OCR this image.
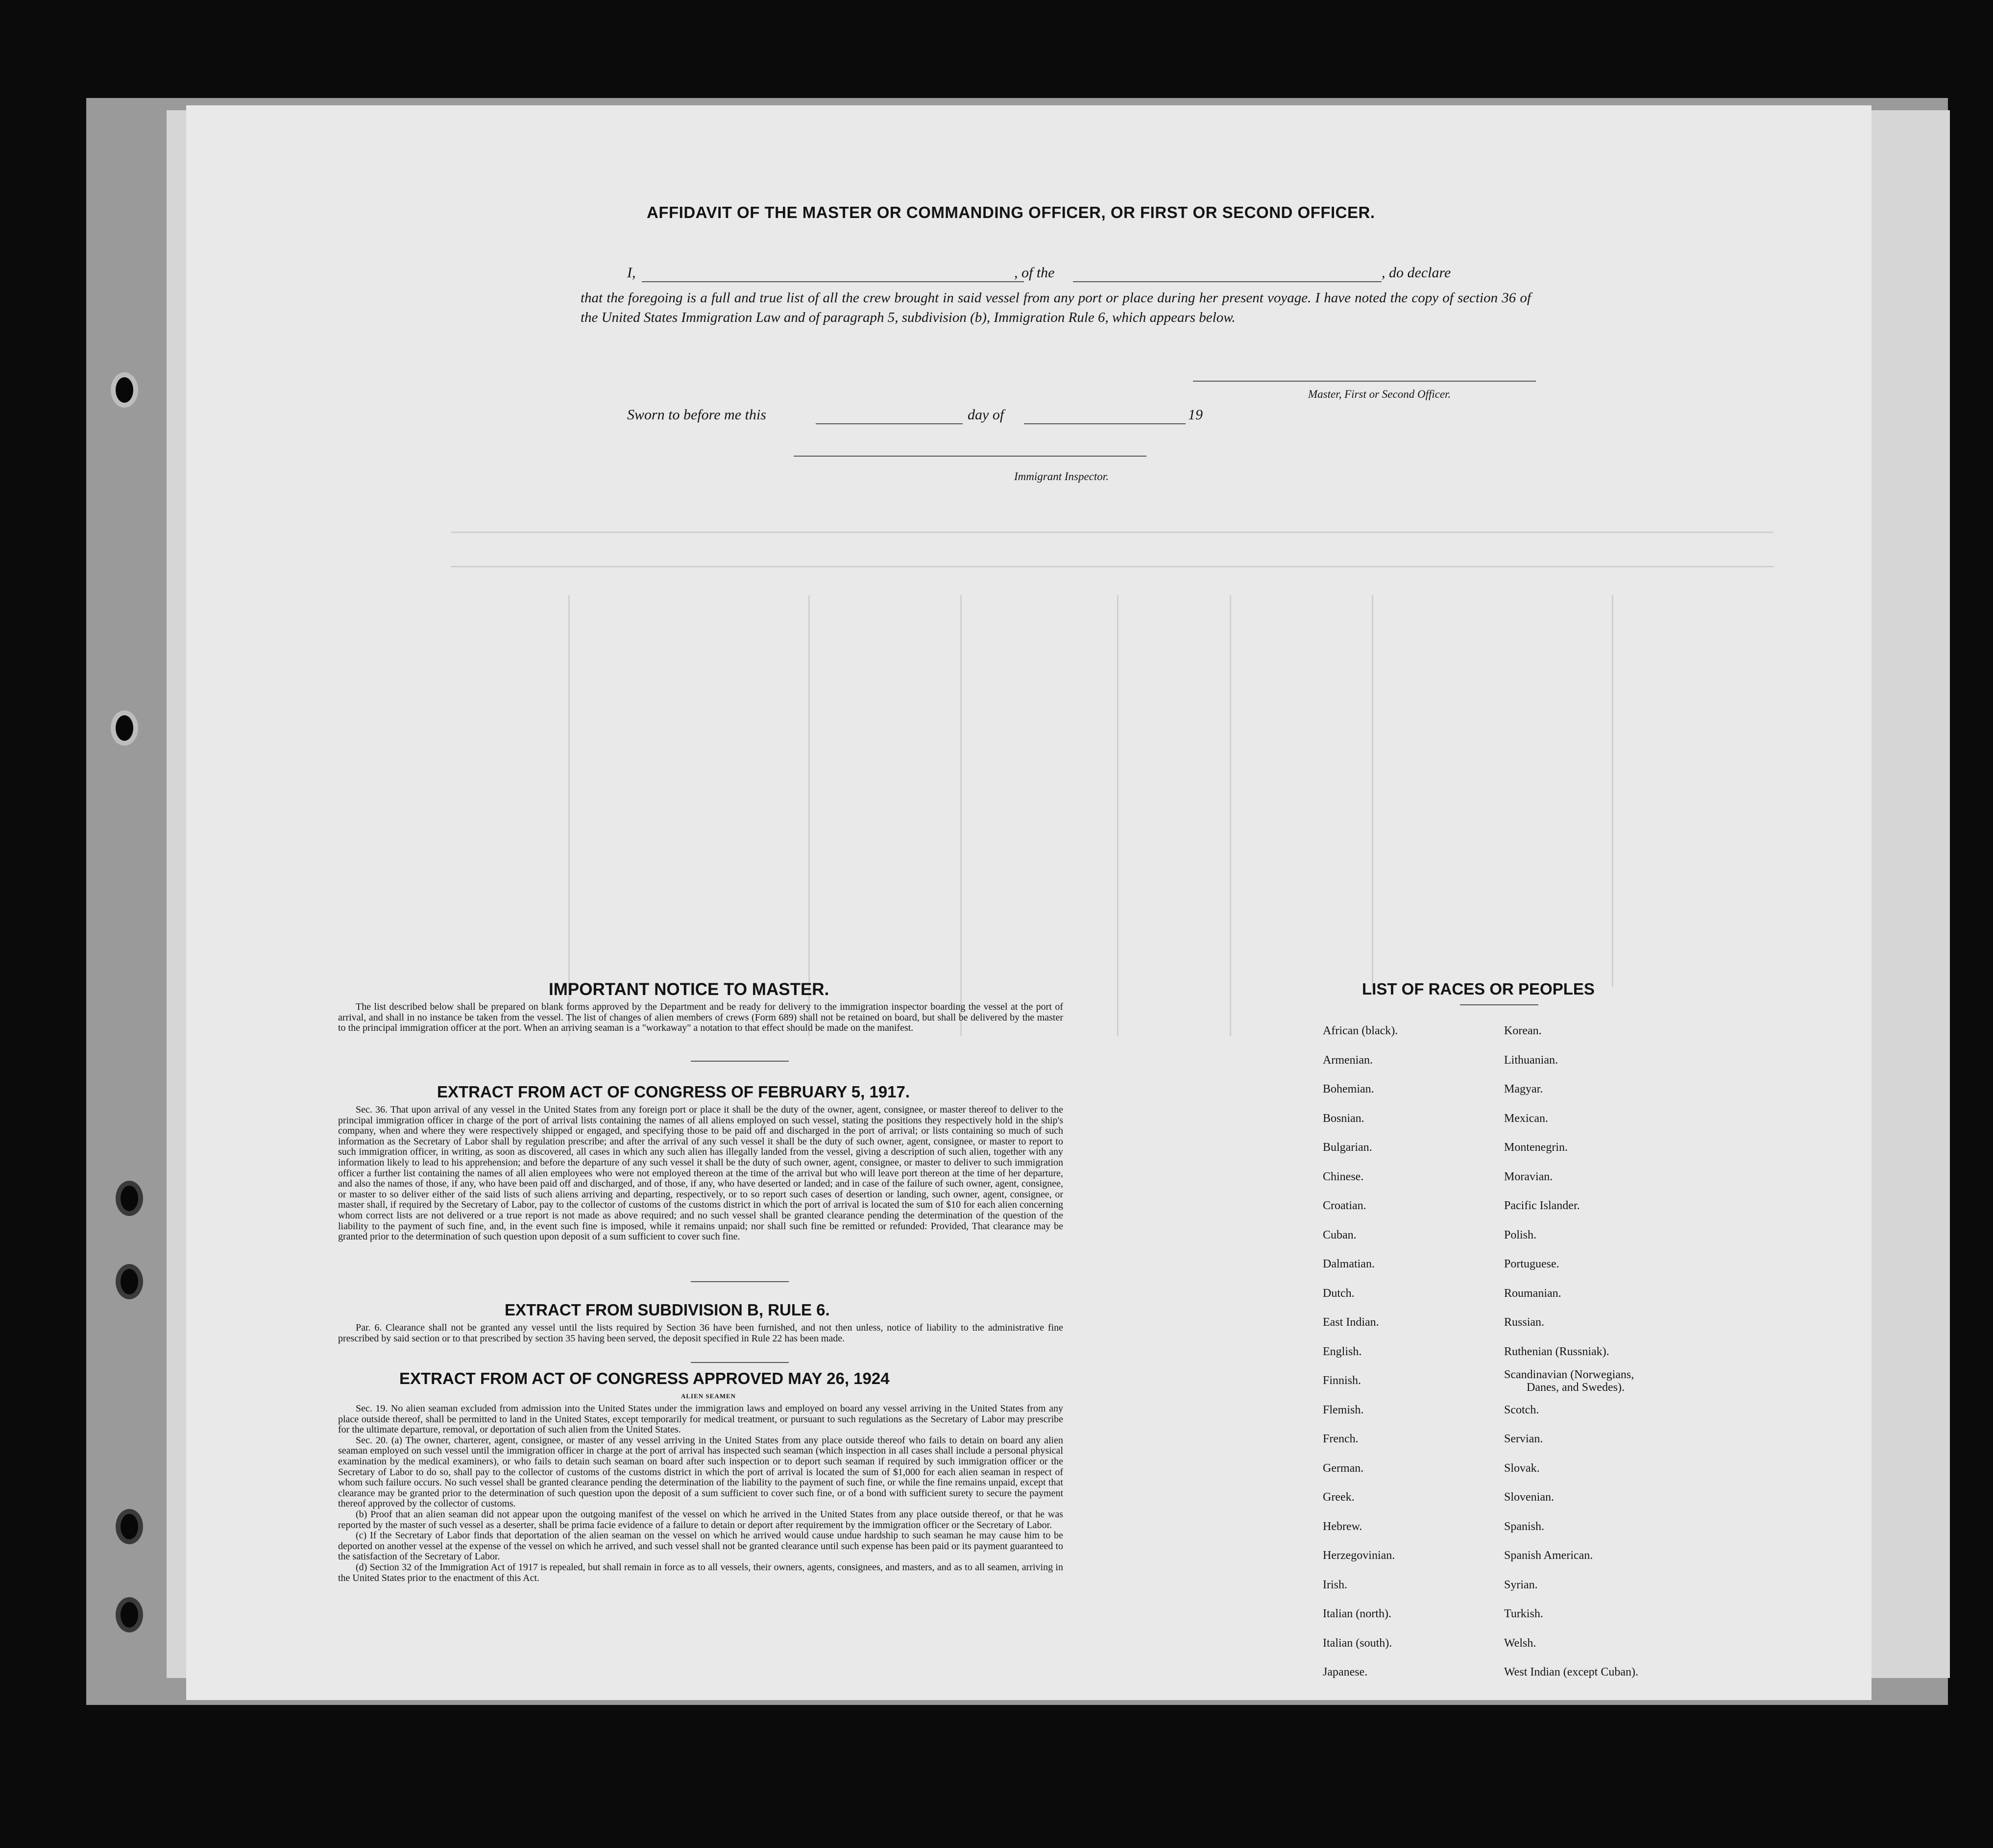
AFFIDAVIT OF THE MASTER OR COMMANDING OFFICER, OR FIRST OR SECOND OFFICER.
I,	, of the	, do declare
that the foregoing is a full and true list of all the crew brought in said vessel from any port or place during her present voyage. I have noted the copy of section 36 of the United States Immigration Law and of paragraph 5, subdivision (b), Immigration Rule 6, which appears below.
Master, First or Second Officer.
Sworn to before me this	day of	19
Immigrant Inspector.
IMPORTANT NOTICE TO MASTER.
The list described below shall be prepared on blank forms approved by the Department and be ready for delivery to the immigration inspector boarding the vessel at the port of arrival, and shall in no instance be taken from the vessel. The list of changes of alien members of crews (Form 689) shall not be retained on board, but shall be delivered by the master to the principal immigration officer at the port. When an arriving seaman is a "workaway" a notation to that effect should be made on the manifest.
EXTRACT FROM ACT OF CONGRESS OF FEBRUARY 5, 1917.
Sec. 36. That upon arrival of any vessel in the United States from any foreign port or place it shall be the duty of the owner, agent, consignee, or master thereof to deliver to the principal immigration officer in charge of the port of arrival lists containing the names of all aliens employed on such vessel, stating the positions they respectively hold in the ship's company, when and where they were respectively shipped or engaged, and specifying those to be paid off and discharged in the port of arrival; or lists containing so much of such information as the Secretary of Labor shall by regulation prescribe; and after the arrival of any such vessel it shall be the duty of such owner, agent, consignee, or master to report to such immigration officer, in writing, as soon as discovered, all cases in which any such alien has illegally landed from the vessel, giving a description of such alien, together with any information likely to lead to his apprehension; and before the departure of any such vessel it shall be the duty of such owner, agent, consignee, or master to deliver to such immigration officer a further list containing the names of all alien employees who were not employed thereon at the time of the arrival but who will leave port thereon at the time of her departure, and also the names of those, if any, who have been paid off and discharged, and of those, if any, who have deserted or landed; and in case of the failure of such owner, agent, consignee, or master to so deliver either of the said lists of such aliens arriving and departing, respectively, or to so report such cases of desertion or landing, such owner, agent, consignee, or master shall, if required by the Secretary of Labor, pay to the collector of customs of the customs district in which the port of arrival is located the sum of $10 for each alien concerning whom correct lists are not delivered or a true report is not made as above required; and no such vessel shall be granted clearance pending the determination of the question of the liability to the payment of such fine, and, in the event such fine is imposed, while it remains unpaid; nor shall such fine be remitted or refunded: Provided, That clearance may be granted prior to the determination of such question upon deposit of a sum sufficient to cover such fine.
EXTRACT FROM SUBDIVISION B, RULE 6.
Par. 6. Clearance shall not be granted any vessel until the lists required by Section 36 have been furnished, and not then unless, notice of liability to the administrative fine prescribed by said section or to that prescribed by section 35 having been served, the deposit specified in Rule 22 has been made.
EXTRACT FROM ACT OF CONGRESS APPROVED MAY 26, 1924
ALIEN SEAMEN

Sec. 19. No alien seaman excluded from admission into the United States under the immigration laws and employed on board any vessel arriving in the United States from any place outside thereof, shall be permitted to land in the United States, except temporarily for medical treatment, or pursuant to such regulations as the Secretary of Labor may prescribe for the ultimate departure, removal, or deportation of such alien from the United States.

Sec. 20. (a) The owner, charterer, agent, consignee, or master of any vessel arriving in the United States from any place outside thereof who fails to detain on board any alien seaman employed on such vessel until the immigration officer in charge at the port of arrival has inspected such seaman (which inspection in all cases shall include a personal physical examination by the medical examiners), or who fails to detain such seaman on board after such inspection or to deport such seaman if required by such immigration officer or the Secretary of Labor to do so, shall pay to the collector of customs of the customs district in which the port of arrival is located the sum of $1,000 for each alien seaman in respect of whom such failure occurs. No such vessel shall be granted clearance pending the determination of the liability to the payment of such fine, or while the fine remains unpaid, except that clearance may be granted prior to the determination of such question upon the deposit of a sum sufficient to cover such fine, or of a bond with sufficient surety to secure the payment thereof approved by the collector of customs.

(b) Proof that an alien seaman did not appear upon the outgoing manifest of the vessel on which he arrived in the United States from any place outside thereof, or that he was reported by the master of such vessel as a deserter, shall be prima facie evidence of a failure to detain or deport after requirement by the immigration officer or the Secretary of Labor.

(c) If the Secretary of Labor finds that deportation of the alien seaman on the vessel on which he arrived would cause undue hardship to such seaman he may cause him to be deported on another vessel at the expense of the vessel on which he arrived, and such vessel shall not be granted clearance until such expense has been paid or its payment guaranteed to the satisfaction of the Secretary of Labor.

(d) Section 32 of the Immigration Act of 1917 is repealed, but shall remain in force as to all vessels, their owners, agents, consignees, and masters, and as to all seamen, arriving in the United States prior to the enactment of this Act.

LIST OF RACES OR PEOPLES
African (black).
Armenian.
Bohemian.
Bosnian.
Bulgarian.
Chinese.
Croatian.
Cuban.
Dalmatian.
Dutch.
East Indian.
English.
Finnish.
Flemish.
French.
German.
Greek.
Hebrew.
Herzegovinian.
Irish.
Italian (north).
Italian (south).
Japanese.
Korean.
Lithuanian.
Magyar.
Mexican.
Montenegrin.
Moravian.
Pacific Islander.
Polish.
Portuguese.
Roumanian.
Russian.
Ruthenian (Russniak).
Scandinavian (Norwegians,
Danes, and Swedes).
Scotch.
Servian.
Slovak.
Slovenian.
Spanish.
Spanish American.
Syrian.
Turkish.
Welsh.
West Indian (except Cuban).
